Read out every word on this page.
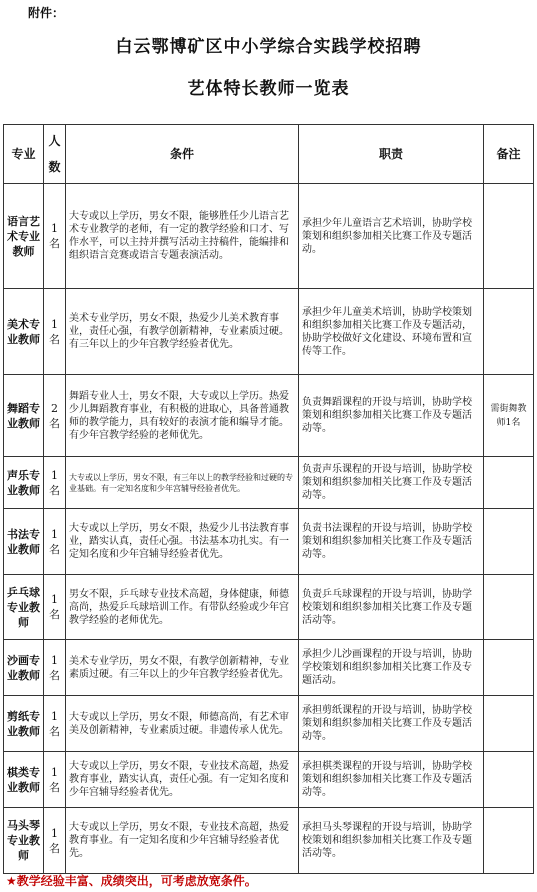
附件：
白云鄂博矿区中小学综合实践学校招聘
艺体特长教师一览表
专业	人数	条件	职责	备注
语言艺术专业教师	1名	大专或以上学历，男女不限，能够胜任少儿语言艺术专业教学的老师，有一定的教学经验和口才、写作水平，可以主持并撰写活动主持稿件，能编排和组织语言竞赛或语言专题表演活动。	承担少年儿童语言艺术培训，协助学校策划和组织参加相关比赛工作及专题活动。	
美术专业教师	1名	美术专业学历，男女不限，热爱少儿美术教育事业，责任心强，有教学创新精神，专业素质过硬。有三年以上的少年宫教学经验者优先。	承担少年儿童美术培训，协助学校策划和组织参加相关比赛工作及专题活动，协助学校做好文化建设、环境布置和宣传等工作。	
舞蹈专业教师	2名	舞蹈专业人士，男女不限，大专或以上学历。热爱少儿舞蹈教育事业，有积极的进取心，具备普通教师的教学能力，具有较好的表演才能和编导才能。有少年宫教学经验的老师优先。	负责舞蹈课程的开设与培训，协助学校策划和组织参加相关比赛工作及专题活动等。	需街舞教师1名
声乐专业教师	1名	大专或以上学历，男女不限，有三年以上的教学经验和过硬的专业基础。有一定知名度和少年宫辅导经验者优先。	负责声乐课程的开设与培训，协助学校策划和组织参加相关比赛工作及专题活动等。	
书法专业教师	1名	大专或以上学历，男女不限，热爱少儿书法教育事业，踏实认真，责任心强。书法基本功扎实。有一定知名度和少年宫辅导经验者优先。	负责书法课程的开设与培训，协助学校策划和组织参加相关比赛工作及专题活动等。	
乒乓球专业教师	1名	男女不限，乒乓球专业技术高超，身体健康，师德高尚，热爱乒乓球培训工作。有带队经验或少年宫教学经验的老师优先。	负责乒乓球课程的开设与培训，协助学校策划和组织参加相关比赛工作及专题活动等。	
沙画专业教师	1名	美术专业学历，男女不限，有教学创新精神，专业素质过硬。有三年以上的少年宫教学经验者优先。	承担少儿沙画课程的开设与培训，协助学校策划和组织参加相关比赛工作及专题活动。	
剪纸专业教师	1名	大专或以上学历，男女不限，师德高尚，有艺术审美及创新精神，专业素质过硬。非遗传承人优先。	承担剪纸课程的开设与培训，协助学校策划和组织参加相关比赛工作及专题活动等。	
棋类专业教师	1名	大专或以上学历，男女不限，专业技术高超，热爱教育事业，踏实认真，责任心强。有一定知名度和少年宫辅导经验者优先。	承担棋类课程的开设与培训，协助学校策划和组织参加相关比赛工作及专题活动等。	
马头琴专业教师	1名	大专或以上学历，男女不限，专业技术高超，热爱教育事业。有一定知名度和少年宫辅导经验者优先。	承担马头琴课程的开设与培训，协助学校策划和组织参加相关比赛工作及专题活动等。	
★教学经验丰富、成绩突出，可考虑放宽条件。
